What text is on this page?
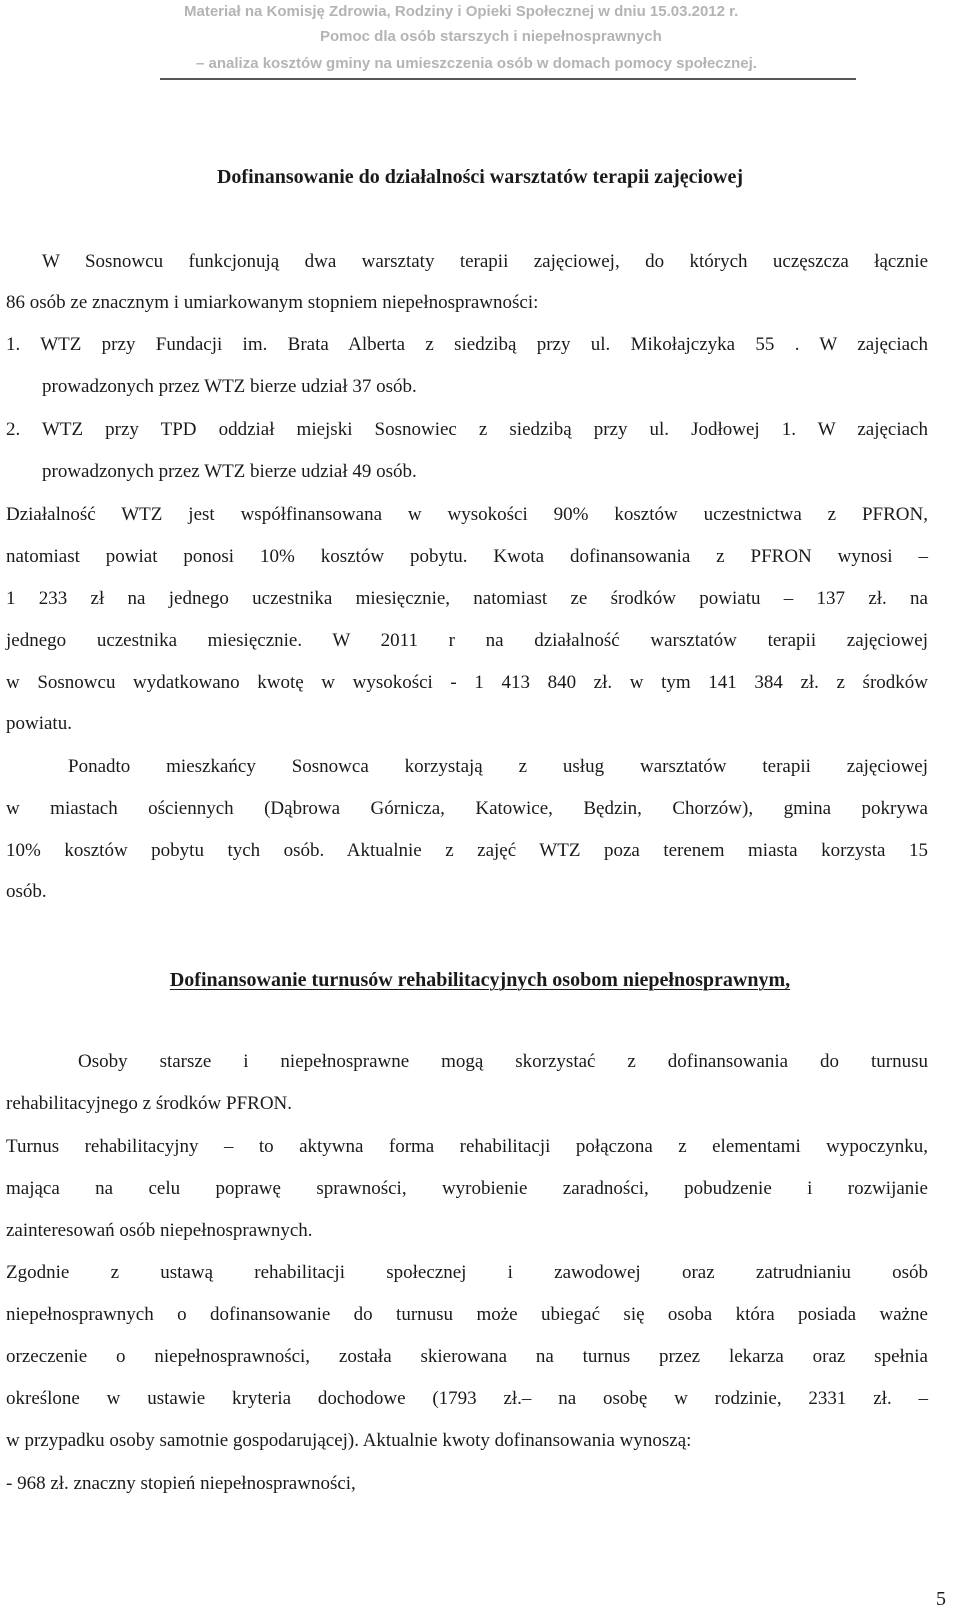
Materiał na Komisję Zdrowia, Rodziny i Opieki Społecznej w dniu 15.03.2012 r.
Pomoc dla osób starszych i niepełnosprawnych
– analiza kosztów gminy na umieszczenia osób w domach pomocy społecznej.
Dofinansowanie do działalności warsztatów terapii zajęciowej
W Sosnowcu funkcjonują dwa warsztaty terapii zajęciowej, do których uczęszcza łącznie
86 osób ze znacznym i umiarkowanym stopniem niepełnosprawności:
1. WTZ przy Fundacji im. Brata Alberta z siedzibą przy ul. Mikołajczyka 55 . W zajęciach
prowadzonych przez WTZ bierze udział 37 osób.
2. WTZ przy TPD oddział miejski Sosnowiec z siedzibą przy ul. Jodłowej 1. W zajęciach
prowadzonych przez WTZ bierze udział 49 osób.
Działalność WTZ jest współfinansowana w wysokości 90% kosztów uczestnictwa z PFRON,
natomiast powiat ponosi 10% kosztów pobytu. Kwota dofinansowania z PFRON wynosi –
1 233 zł na jednego uczestnika miesięcznie, natomiast ze środków powiatu – 137 zł. na
jednego uczestnika miesięcznie. W 2011 r na działalność warsztatów terapii zajęciowej
w Sosnowcu wydatkowano kwotę w wysokości - 1 413 840 zł. w tym 141 384 zł. z środków
powiatu.
Ponadto mieszkańcy Sosnowca korzystają z usług warsztatów terapii zajęciowej
w miastach ościennych (Dąbrowa Górnicza, Katowice, Będzin, Chorzów), gmina pokrywa
10% kosztów pobytu tych osób. Aktualnie z zajęć WTZ poza terenem miasta korzysta 15
osób.
Dofinansowanie turnusów rehabilitacyjnych osobom niepełnosprawnym,
Osoby starsze i niepełnosprawne mogą skorzystać z dofinansowania do turnusu
rehabilitacyjnego z środków PFRON.
Turnus rehabilitacyjny – to aktywna forma rehabilitacji połączona z elementami wypoczynku,
mająca na celu poprawę sprawności, wyrobienie zaradności, pobudzenie i rozwijanie
zainteresowań osób niepełnosprawnych.
Zgodnie z ustawą rehabilitacji społecznej i zawodowej oraz zatrudnianiu osób
niepełnosprawnych o dofinansowanie do turnusu może ubiegać się osoba która posiada ważne
orzeczenie o niepełnosprawności, została skierowana na turnus przez lekarza oraz spełnia
określone w ustawie kryteria dochodowe (1793 zł.– na osobę w rodzinie, 2331 zł. –
w przypadku osoby samotnie gospodarującej). Aktualnie kwoty dofinansowania wynoszą:
- 968 zł. znaczny stopień niepełnosprawności,
5
